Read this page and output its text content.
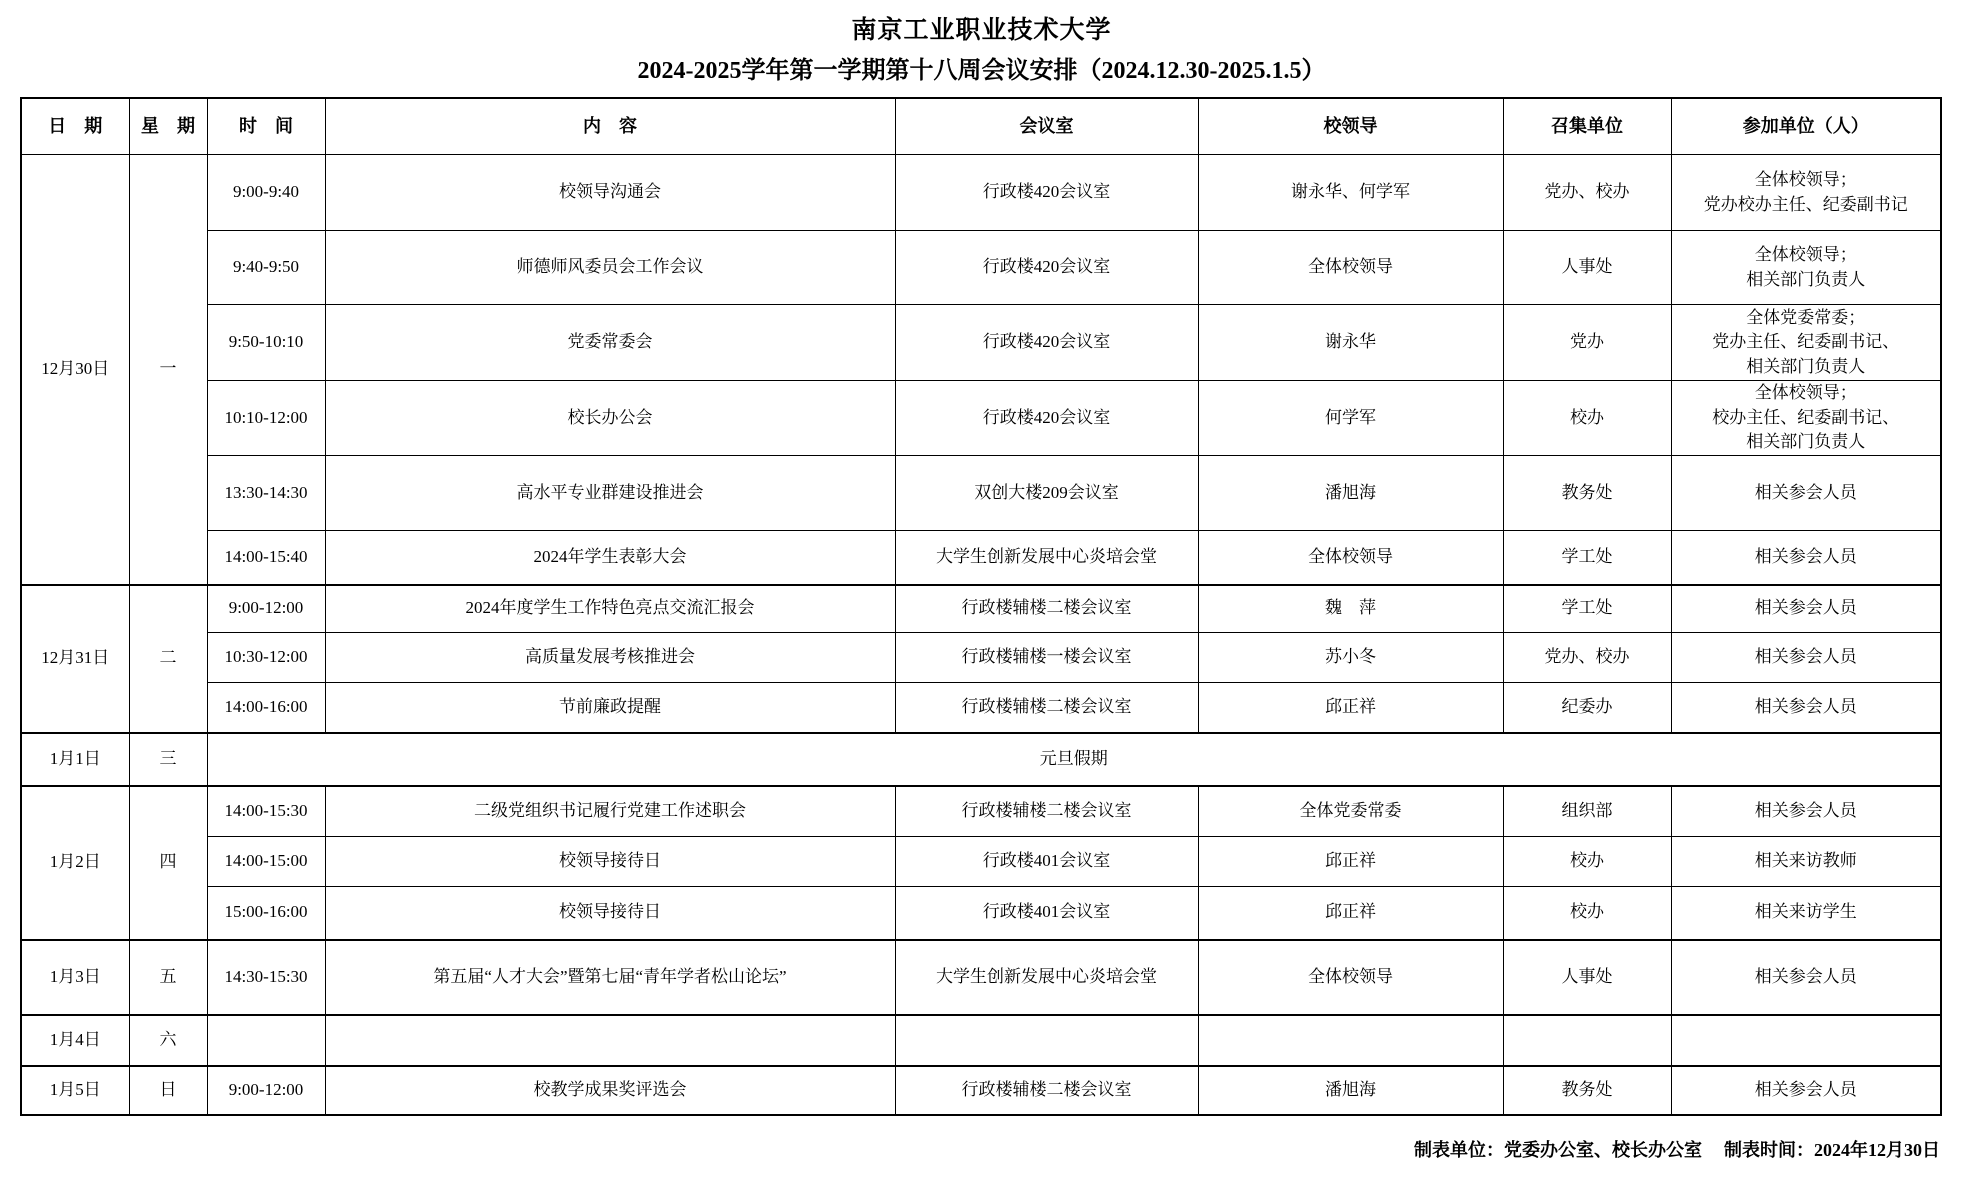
南京工业职业技术大学
2024-2025学年第一学期第十八周会议安排（2024.12.30-2025.1.5）
日　期	星　期	时　间	内　容	会议室	校领导	召集单位	参加单位（人）
12月30日	一	9:00-9:40	校领导沟通会	行政楼420会议室	谢永华、何学军	党办、校办	全体校领导；
党办校办主任、纪委副书记

		9:40-9:50	师德师风委员会工作会议	行政楼420会议室	全体校领导	人事处	全体校领导；
相关部门负责人

		9:50-10:10	党委常委会	行政楼420会议室	谢永华	党办	全体党委常委；
党办主任、纪委副书记、
相关部门负责人

		10:10-12:00	校长办公会	行政楼420会议室	何学军	校办	全体校领导；
校办主任、纪委副书记、
相关部门负责人

		13:30-14:30	高水平专业群建设推进会	双创大楼209会议室	潘旭海	教务处	相关参会人员

		14:00-15:40	2024年学生表彰大会	大学生创新发展中心炎培会堂	全体校领导	学工处	相关参会人员

12月31日	二	9:00-12:00	2024年度学生工作特色亮点交流汇报会	行政楼辅楼二楼会议室	魏　萍	学工处	相关参会人员

		10:30-12:00	高质量发展考核推进会	行政楼辅楼一楼会议室	苏小冬	党办、校办	相关参会人员

		14:00-16:00	节前廉政提醒	行政楼辅楼二楼会议室	邱正祥	纪委办	相关参会人员

1月1日	三	元旦假期					
1月2日	四	14:00-15:30	二级党组织书记履行党建工作述职会	行政楼辅楼二楼会议室	全体党委常委	组织部	相关参会人员

		14:00-15:00	校领导接待日	行政楼401会议室	邱正祥	校办	相关来访教师

		15:00-16:00	校领导接待日	行政楼401会议室	邱正祥	校办	相关来访学生

1月3日	五	14:30-15:30	第五届“人才大会”暨第七届“青年学者松山论坛”	大学生创新发展中心炎培会堂	全体校领导	人事处	相关参会人员

1月4日	六						
1月5日	日	9:00-12:00	校教学成果奖评选会	行政楼辅楼二楼会议室	潘旭海	教务处	相关参会人员
制表单位：党委办公室、校长办公室 制表时间：2024年12月30日
